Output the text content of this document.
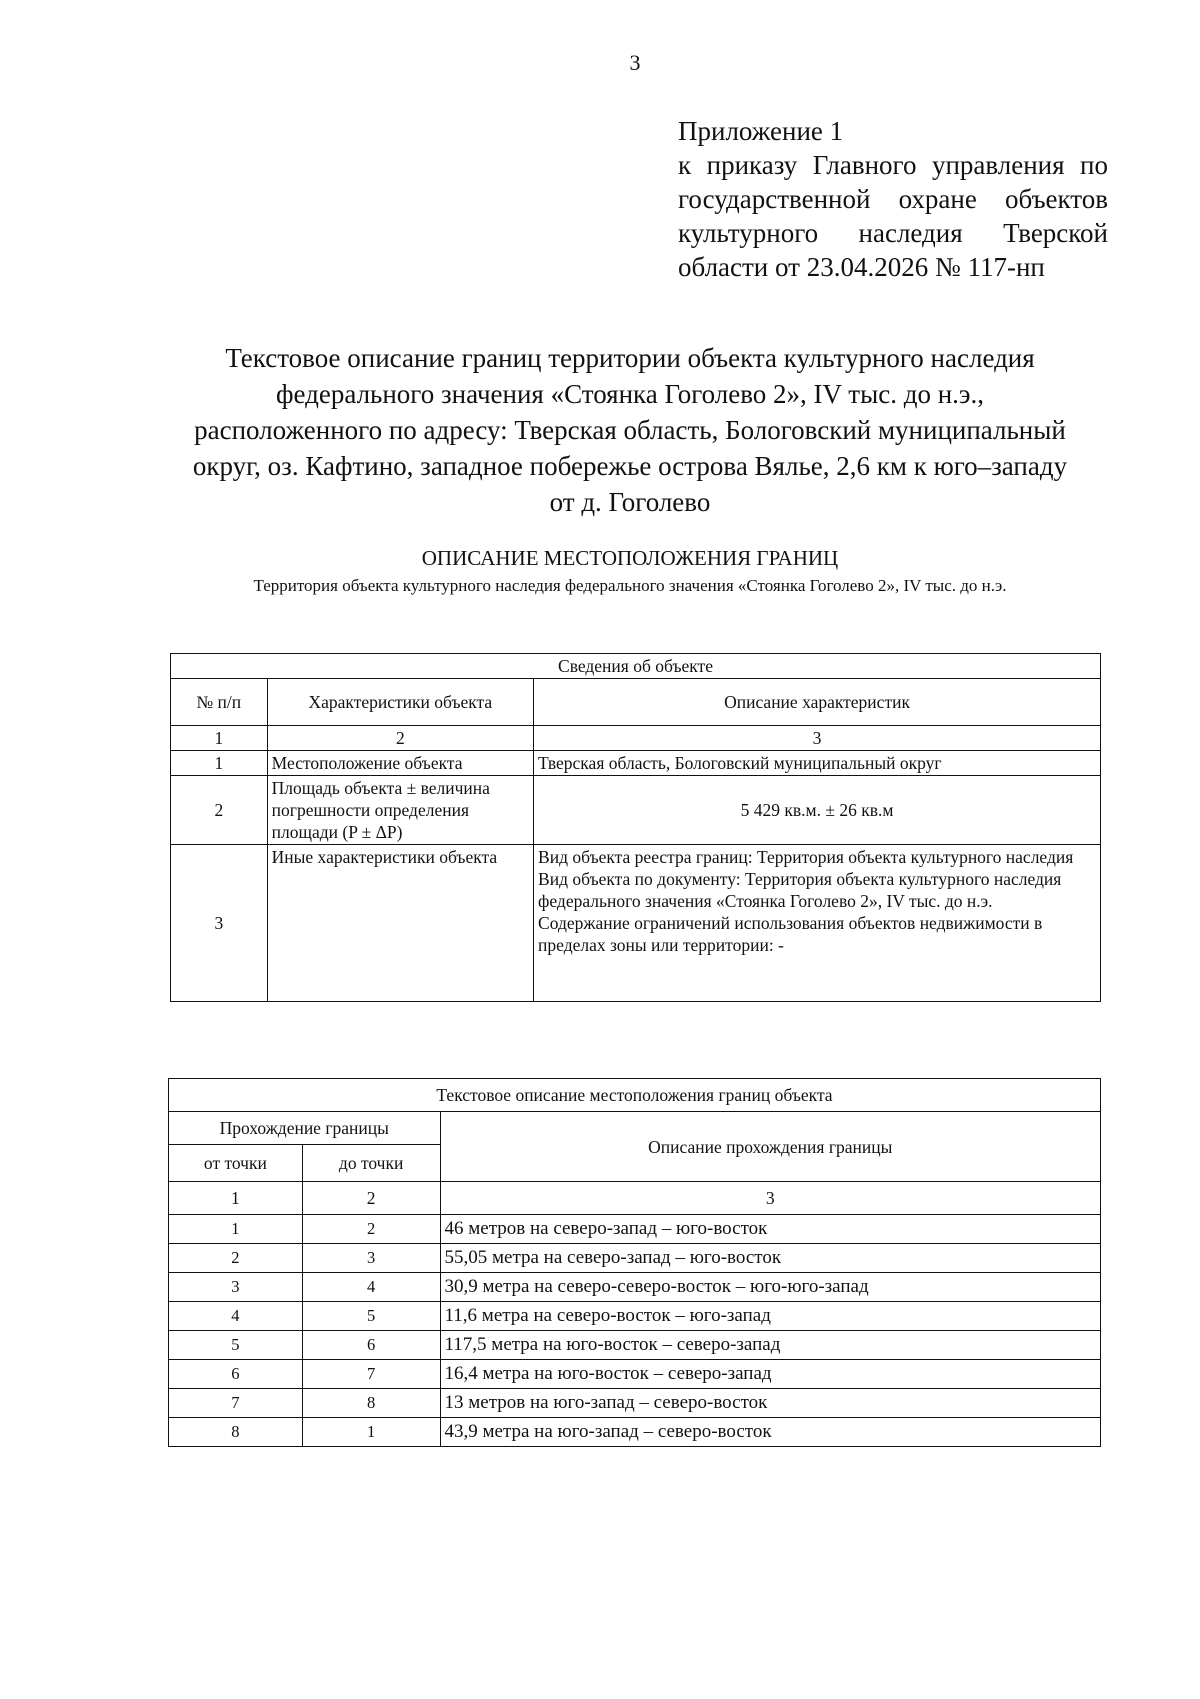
3
Приложение 1
к приказу Главного управления по
государственной охране объектов
культурного наследия Тверской
области от 23.04.2026 № 117-нп
Текстовое описание границ территории объекта культурного наследия
федерального значения «Стоянка Гоголево 2», IV тыс. до н.э.,
расположенного по адресу: Тверская область, Бологовский муниципальный
округ, оз. Кафтино, западное побережье острова Вялье, 2,6 км к юго–западу
от д. Гоголево
ОПИСАНИЕ МЕСТОПОЛОЖЕНИЯ ГРАНИЦ
Территория объекта культурного наследия федерального значения «Стоянка Гоголево 2», IV тыс. до н.э.
Сведения об объекте		
№ п/п	Характеристики объекта	Описание характеристик
1	2	3
1	Местоположение объекта	Тверская область, Бологовский муниципальный округ
2	Площадь объекта ± величина погрешности определения площади (P ± ΔP)	5 429 кв.м. ± 26 кв.м
3	Иные характеристики объекта	Вид объекта реестра границ: Территория объекта культурного наследия
Вид объекта по документу: Территория объекта культурного наследия федерального значения «Стоянка Гоголево 2», IV тыс. до н.э.
Содержание ограничений использования объектов недвижимости в пределах зоны или территории: -
Текстовое описание местоположения границ объекта		
Прохождение границы		Описание прохождения границы
от точки	до точки	
1	2	3
1	2	46 метров на северо-запад – юго-восток
2	3	55,05 метра на северо-запад – юго-восток
3	4	30,9 метра на северо-северо-восток – юго-юго-запад
4	5	11,6 метра на северо-восток – юго-запад
5	6	117,5 метра на юго-восток – северо-запад
6	7	16,4 метра на юго-восток – северо-запад
7	8	13 метров на юго-запад – северо-восток
8	1	43,9 метра на юго-запад – северо-восток
